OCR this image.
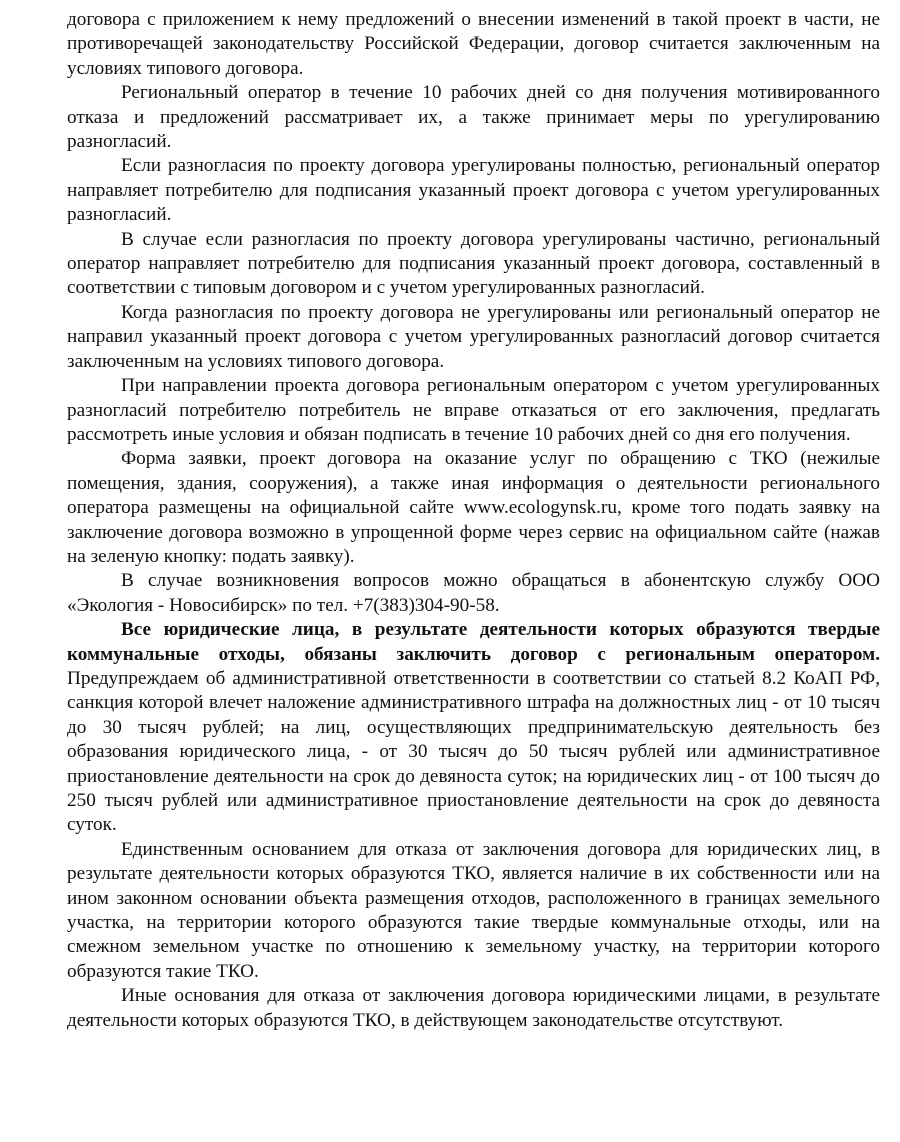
договора с приложением к нему предложений о внесении изменений в такой проект в части, не противоречащей законодательству Российской Федерации, договор считается заключенным на условиях типового договора.

Региональный оператор в течение 10 рабочих дней со дня получения мотивированного отказа и предложений рассматривает их, а также принимает меры по урегулированию разногласий.

Если разногласия по проекту договора урегулированы полностью, региональный оператор направляет потребителю для подписания указанный проект договора с учетом урегулированных разногласий.

В случае если разногласия по проекту договора урегулированы частично, региональный оператор направляет потребителю для подписания указанный проект договора, составленный в соответствии с типовым договором и с учетом урегулированных разногласий.

Когда разногласия по проекту договора не урегулированы или региональный оператор не направил указанный проект договора с учетом урегулированных разногласий договор считается заключенным на условиях типового договора.

При направлении проекта договора региональным оператором с учетом урегулированных разногласий потребителю потребитель не вправе отказаться от его заключения, предлагать рассмотреть иные условия и обязан подписать в течение 10 рабочих дней со дня его получения.

Форма заявки, проект договора на оказание услуг по обращению с ТКО (нежилые помещения, здания, сооружения), а также иная информация о деятельности регионального оператора размещены на официальной сайте www.ecologynsk.ru, кроме того подать заявку на заключение договора возможно в упрощенной форме через сервис на официальном сайте (нажав на зеленую кнопку: подать заявку).

В случае возникновения вопросов можно обращаться в абонентскую службу ООО «Экология - Новосибирск» по тел. +7(383)304-90-58.

Все юридические лица, в результате деятельности которых образуются твердые коммунальные отходы, обязаны заключить договор с региональным оператором. Предупреждаем об административной ответственности в соответствии со статьей 8.2 КоАП РФ, санкция которой влечет наложение административного штрафа на должностных лиц - от 10 тысяч до 30 тысяч рублей; на лиц, осуществляющих предпринимательскую деятельность без образования юридического лица, - от 30 тысяч до 50 тысяч рублей или административное приостановление деятельности на срок до девяноста суток; на юридических лиц - от 100 тысяч до 250 тысяч рублей или административное приостановление деятельности на срок до девяноста суток.

Единственным основанием для отказа от заключения договора для юридических лиц, в результате деятельности которых образуются ТКО, является наличие в их собственности или на ином законном основании объекта размещения отходов, расположенного в границах земельного участка, на территории которого образуются такие твердые коммунальные отходы, или на смежном земельном участке по отношению к земельному участку, на территории которого образуются такие ТКО.

Иные основания для отказа от заключения договора юридическими лицами, в результате деятельности которых образуются ТКО, в действующем законодательстве отсутствуют.
